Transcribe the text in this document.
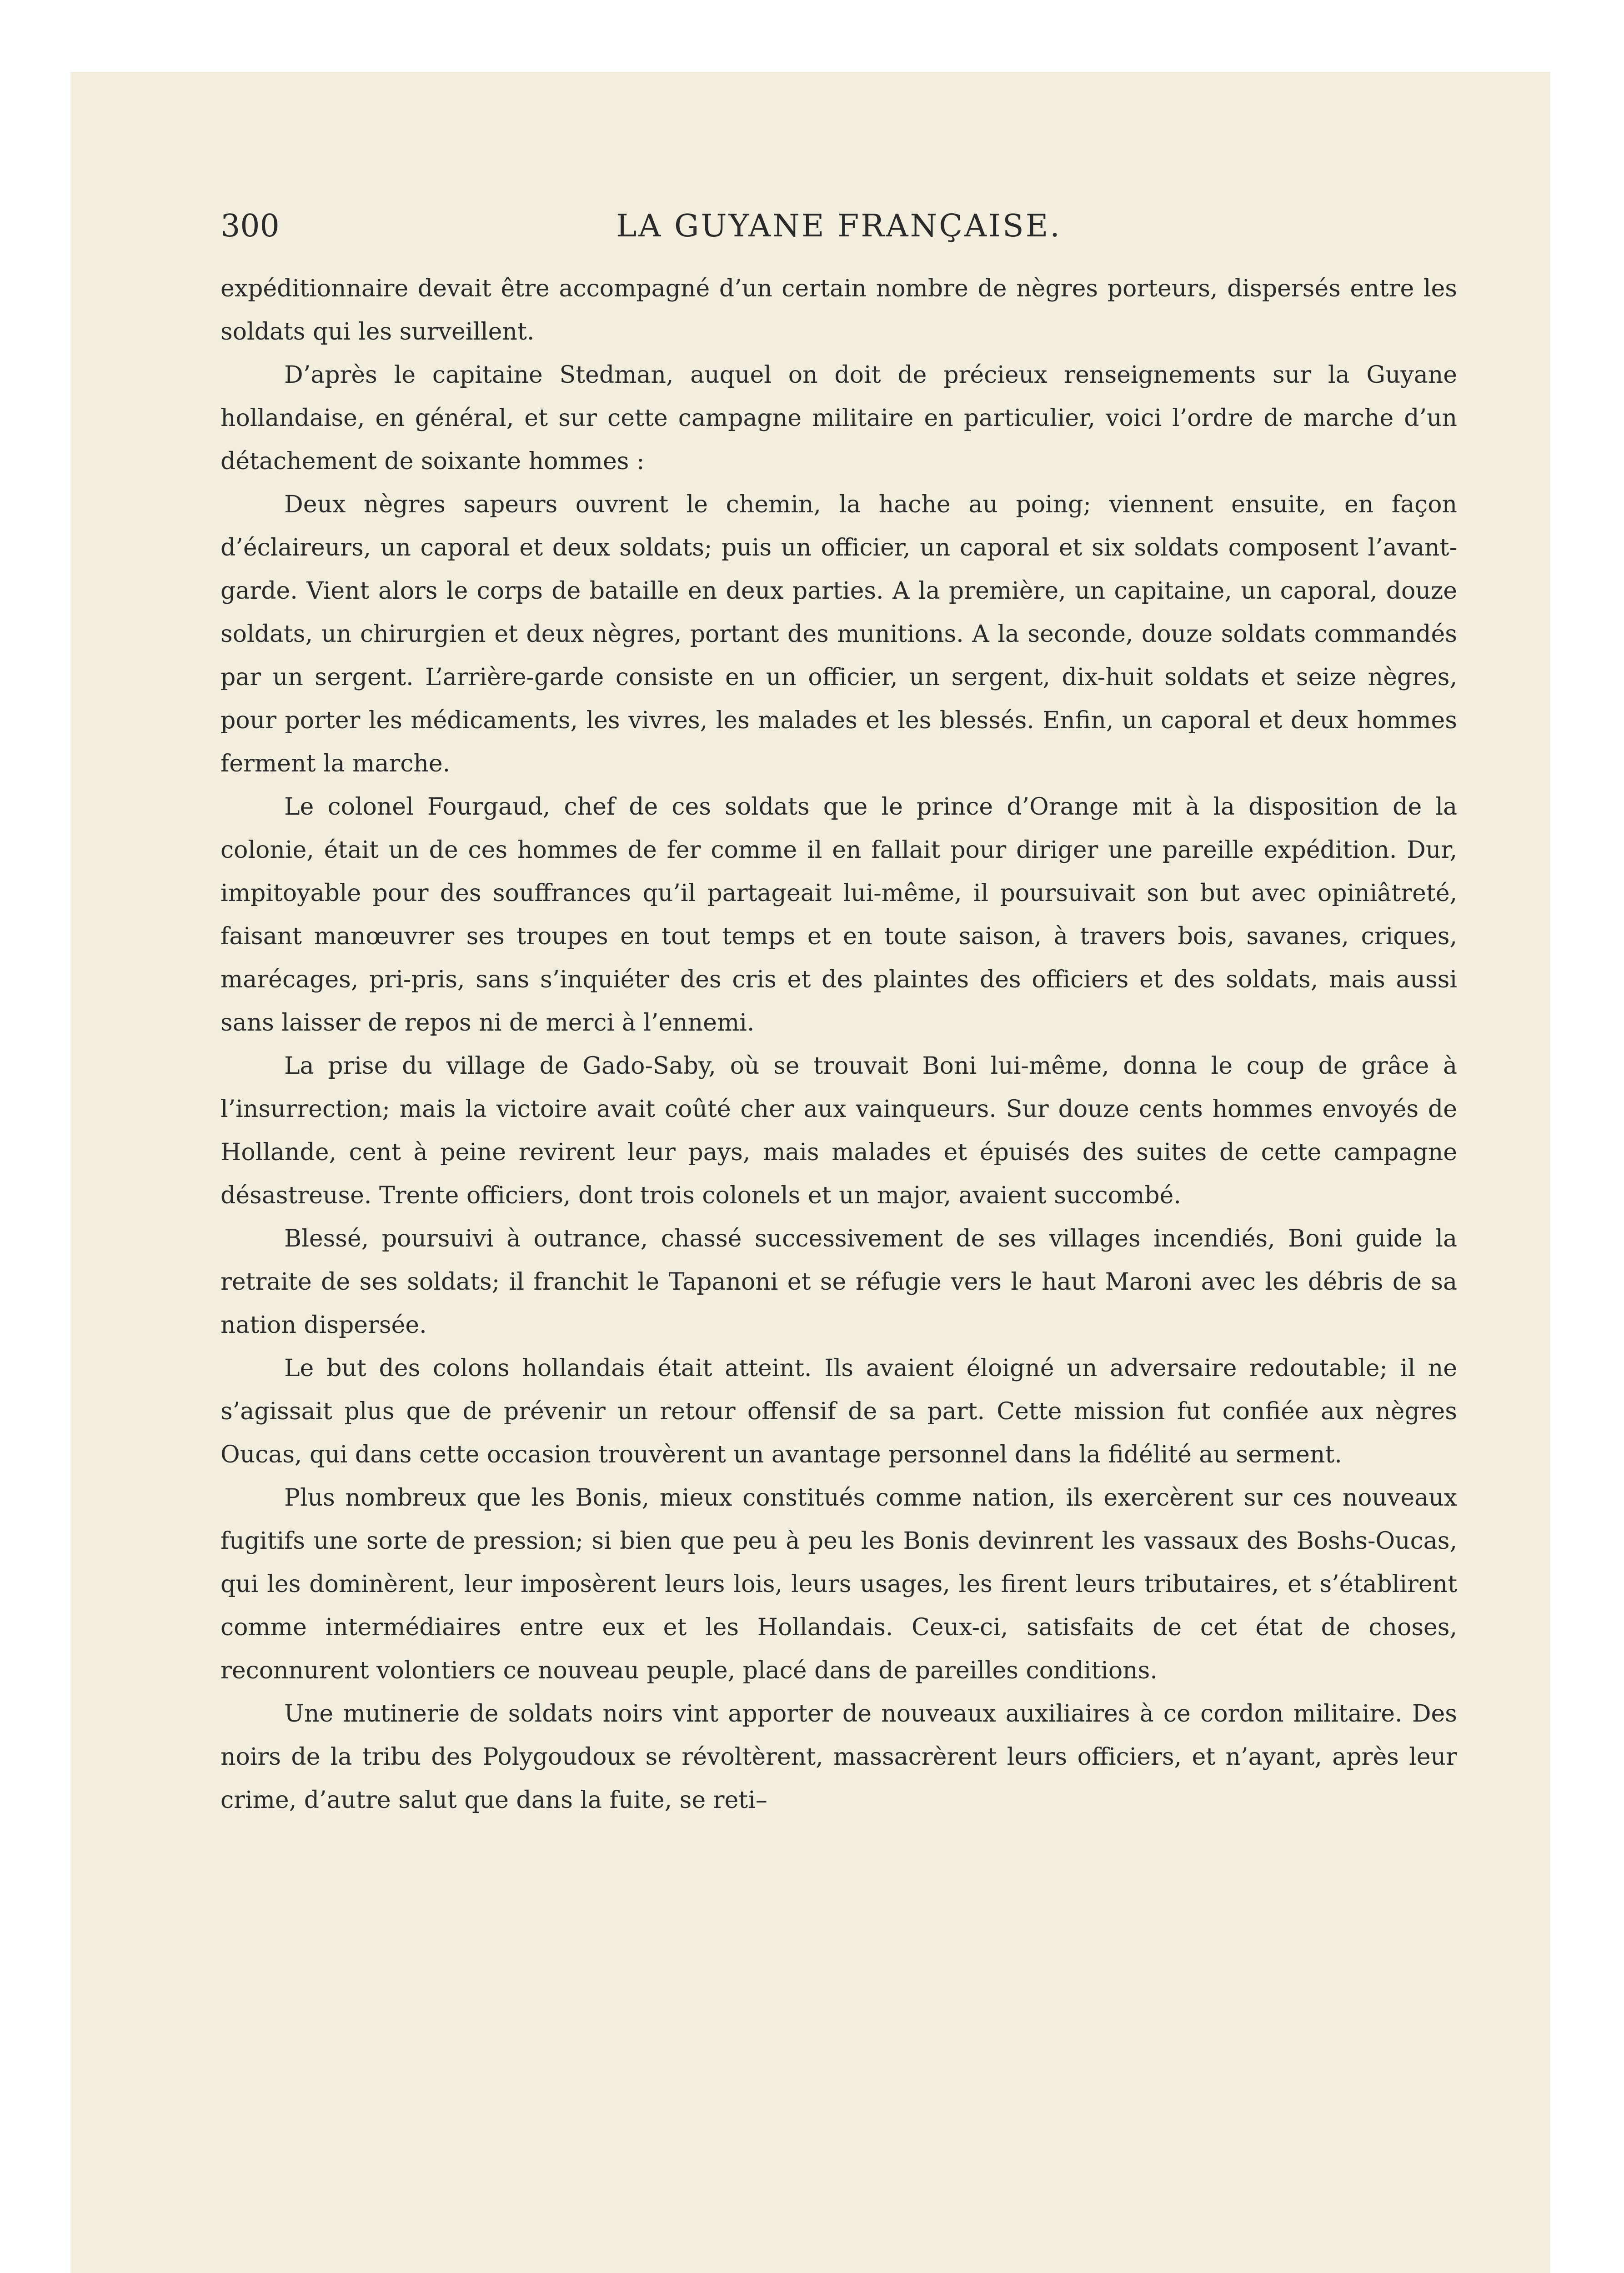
300	LA GUYANE FRANÇAISE.

expéditionnaire devait être accompagné d’un certain nombre de nègres porteurs, dispersés entre les soldats qui les surveillent.

D’après le capitaine Stedman, auquel on doit de précieux renseignements sur la Guyane hollandaise, en général, et sur cette campagne militaire en particulier, voici l’ordre de marche d’un détachement de soixante hommes :

Deux nègres sapeurs ouvrent le chemin, la hache au poing; viennent ensuite, en façon d’éclaireurs, un caporal et deux soldats; puis un officier, un caporal et six soldats composent l’avant-garde. Vient alors le corps de bataille en deux parties. A la première, un capitaine, un caporal, douze soldats, un chirurgien et deux nègres, portant des munitions. A la seconde, douze soldats commandés par un sergent. L’arrière-garde consiste en un officier, un sergent, dix-huit soldats et seize nègres, pour porter les médicaments, les vivres, les malades et les blessés. Enfin, un caporal et deux hommes ferment la marche.

Le colonel Fourgaud, chef de ces soldats que le prince d’Orange mit à la disposition de la colonie, était un de ces hommes de fer comme il en fallait pour diriger une pareille expédition. Dur, impitoyable pour des souffrances qu’il partageait lui-même, il poursuivait son but avec opiniâtreté, faisant manœuvrer ses troupes en tout temps et en toute saison, à travers bois, savanes, criques, marécages, pri-pris, sans s’inquiéter des cris et des plaintes des officiers et des soldats, mais aussi sans laisser de repos ni de merci à l’ennemi.

La prise du village de Gado-Saby, où se trouvait Boni lui-même, donna le coup de grâce à l’insurrection; mais la victoire avait coûté cher aux vainqueurs. Sur douze cents hommes envoyés de Hollande, cent à peine revirent leur pays, mais malades et épuisés des suites de cette campagne désastreuse. Trente officiers, dont trois colonels et un major, avaient succombé.

Blessé, poursuivi à outrance, chassé successivement de ses villages incendiés, Boni guide la retraite de ses soldats; il franchit le Tapanoni et se réfugie vers le haut Maroni avec les débris de sa nation dispersée.

Le but des colons hollandais était atteint. Ils avaient éloigné un adversaire redoutable; il ne s’agissait plus que de prévenir un retour offensif de sa part. Cette mission fut confiée aux nègres Oucas, qui dans cette occasion trouvèrent un avantage personnel dans la fidélité au serment.

Plus nombreux que les Bonis, mieux constitués comme nation, ils exercèrent sur ces nouveaux fugitifs une sorte de pression; si bien que peu à peu les Bonis devinrent les vassaux des Boshs-Oucas, qui les dominèrent, leur imposèrent leurs lois, leurs usages, les firent leurs tributaires, et s’établirent comme intermédiaires entre eux et les Hollandais. Ceux-ci, satisfaits de cet état de choses, reconnurent volontiers ce nouveau peuple, placé dans de pareilles conditions.

Une mutinerie de soldats noirs vint apporter de nouveaux auxiliaires à ce cordon militaire. Des noirs de la tribu des Polygoudoux se révoltèrent, massacrèrent leurs officiers, et n’ayant, après leur crime, d’autre salut que dans la fuite, se reti–
